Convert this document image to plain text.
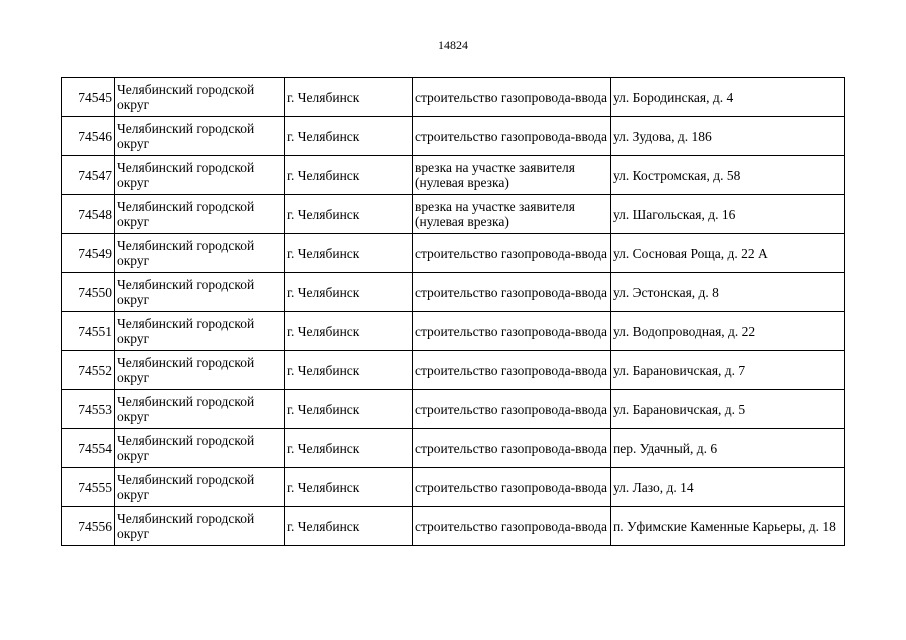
14824
74545	Челябинский городской округ	г. Челябинск	строительство газопровода-ввода	ул. Бородинская, д. 4
74546	Челябинский городской округ	г. Челябинск	строительство газопровода-ввода	ул. Зудова, д. 186
74547	Челябинский городской округ	г. Челябинск	врезка на участке заявителя (нулевая врезка)	ул. Костромская, д. 58
74548	Челябинский городской округ	г. Челябинск	врезка на участке заявителя (нулевая врезка)	ул. Шагольская, д. 16
74549	Челябинский городской округ	г. Челябинск	строительство газопровода-ввода	ул. Сосновая Роща, д. 22 А
74550	Челябинский городской округ	г. Челябинск	строительство газопровода-ввода	ул. Эстонская, д. 8
74551	Челябинский городской округ	г. Челябинск	строительство газопровода-ввода	ул. Водопроводная, д. 22
74552	Челябинский городской округ	г. Челябинск	строительство газопровода-ввода	ул. Барановичская, д. 7
74553	Челябинский городской округ	г. Челябинск	строительство газопровода-ввода	ул. Барановичская, д. 5
74554	Челябинский городской округ	г. Челябинск	строительство газопровода-ввода	пер. Удачный, д. 6
74555	Челябинский городской округ	г. Челябинск	строительство газопровода-ввода	ул. Лазо, д. 14
74556	Челябинский городской округ	г. Челябинск	строительство газопровода-ввода	п. Уфимские Каменные Карьеры, д. 18
